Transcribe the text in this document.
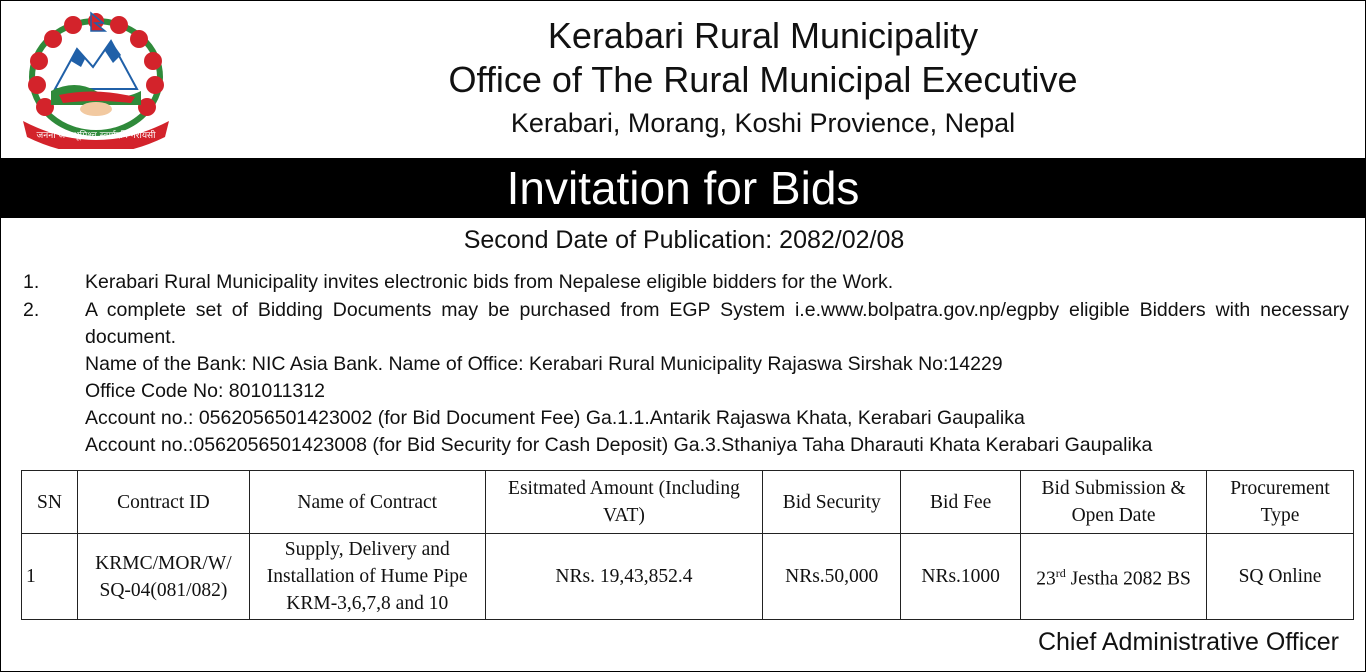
जननी जन्मभूमिश्च स्वर्गादपि गरीयसी
Kerabari Rural Municipality
Office of The Rural Municipal Executive
Kerabari, Morang, Koshi Provience, Nepal
Invitation for Bids
Second Date of Publication: 2082/02/08
1. Kerabari Rural Municipality invites electronic bids from Nepalese eligible bidders for the Work.
2. A complete set of Bidding Documents may be purchased from EGP System i.e.www.bolpatra.gov.np/egpby eligible Bidders with necessary document.
Name of the Bank: NIC Asia Bank. Name of Office: Kerabari Rural Municipality Rajaswa Sirshak No:14229
Office Code No: 801011312
Account no.: 0562056501423002 (for Bid Document Fee) Ga.1.1.Antarik Rajaswa Khata, Kerabari Gaupalika
Account no.:0562056501423008 (for Bid Security for Cash Deposit) Ga.3.Sthaniya Taha Dharauti Khata Kerabari Gaupalika
SN	Contract ID	Name of Contract	Esitmated Amount (Including VAT)	Bid Security	Bid Fee	Bid Submission & Open Date	Procurement Type
1	KRMC/MOR/W/ SQ-04(081/082)	Supply, Delivery and Installation of Hume Pipe KRM-3,6,7,8 and 10	NRs. 19,43,852.4	NRs.50,000	NRs.1000	23rd Jestha 2082 BS	SQ Online
Chief Administrative Officer
